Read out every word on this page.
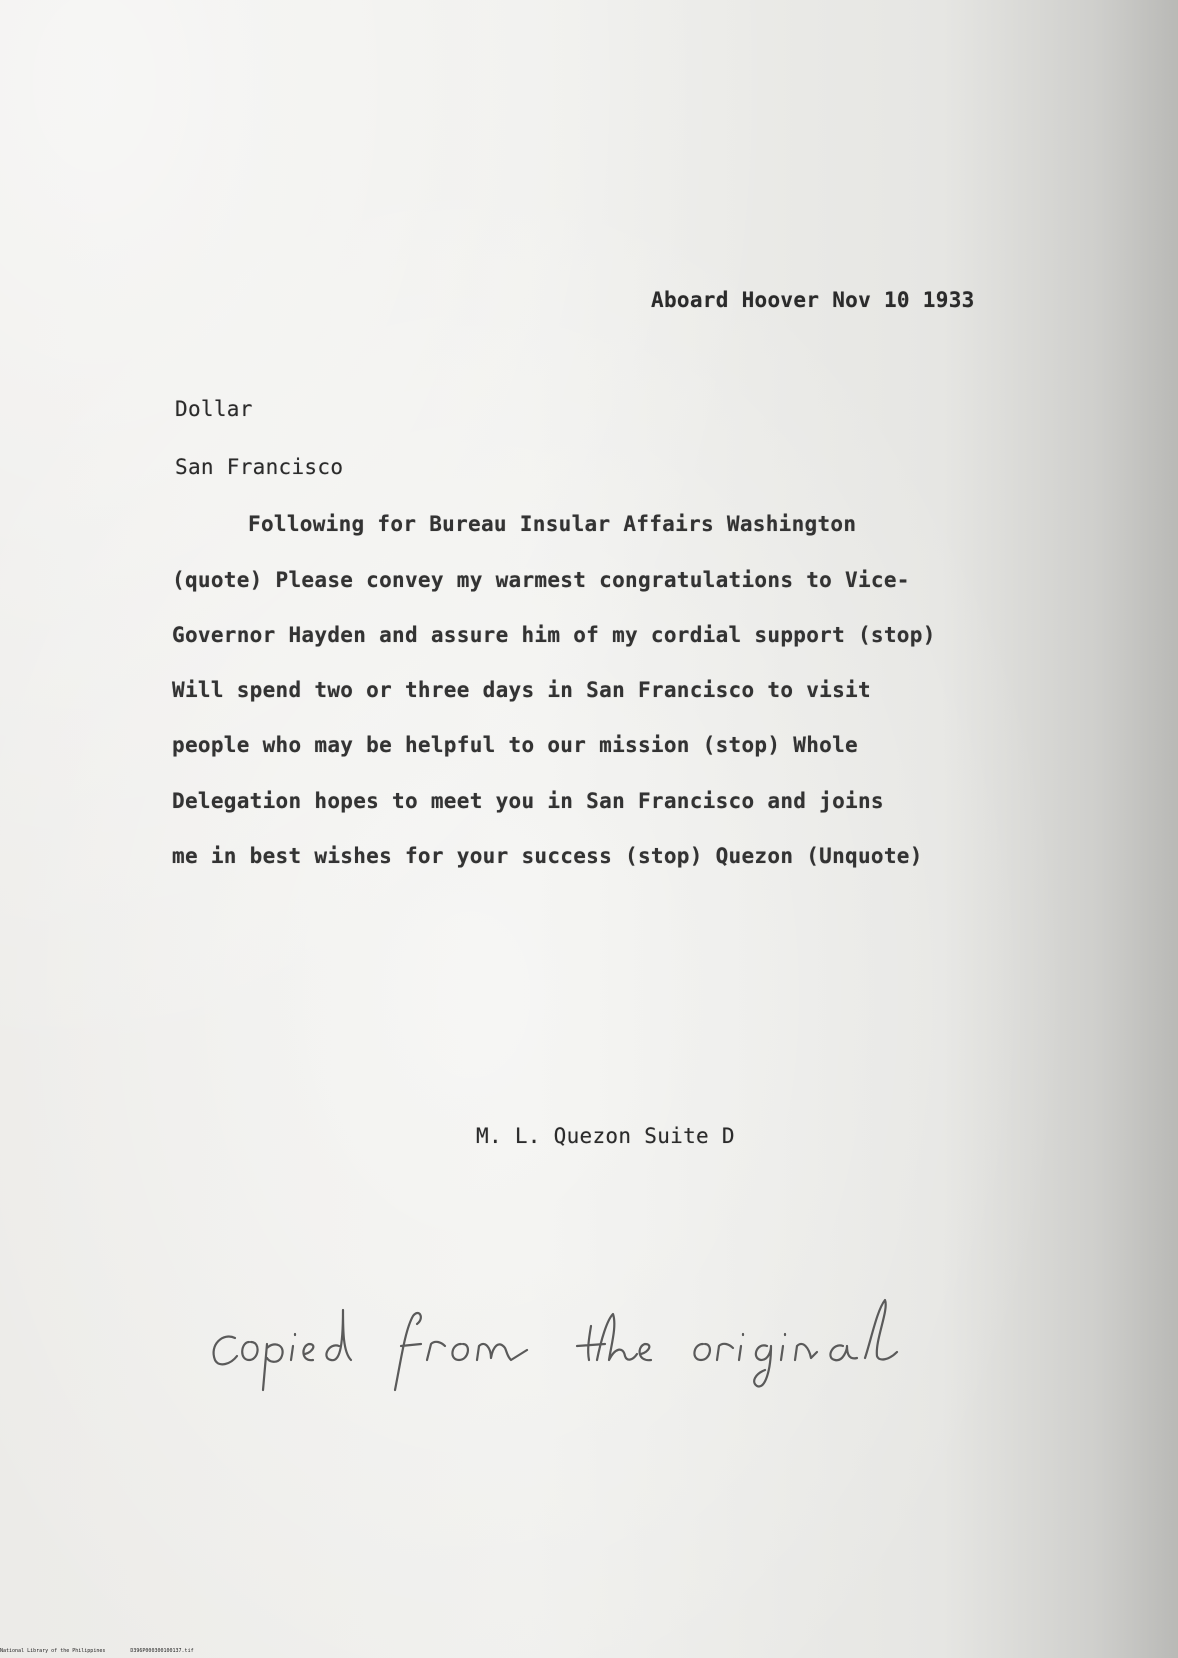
Aboard Hoover Nov 10 1933
Dollar
San Francisco
Following for Bureau Insular Affairs Washington
(quote) Please convey my warmest congratulations to Vice-
Governor Hayden and assure him of my cordial support (stop)
Will spend two or three days in San Francisco to visit
people who may be helpful to our mission (stop) Whole
Delegation hopes to meet you in San Francisco and joins
me in best wishes for your success (stop) Quezon (Unquote)
M. L. Quezon Suite D
National Library of the Philippines	D396P000300100137.tif
